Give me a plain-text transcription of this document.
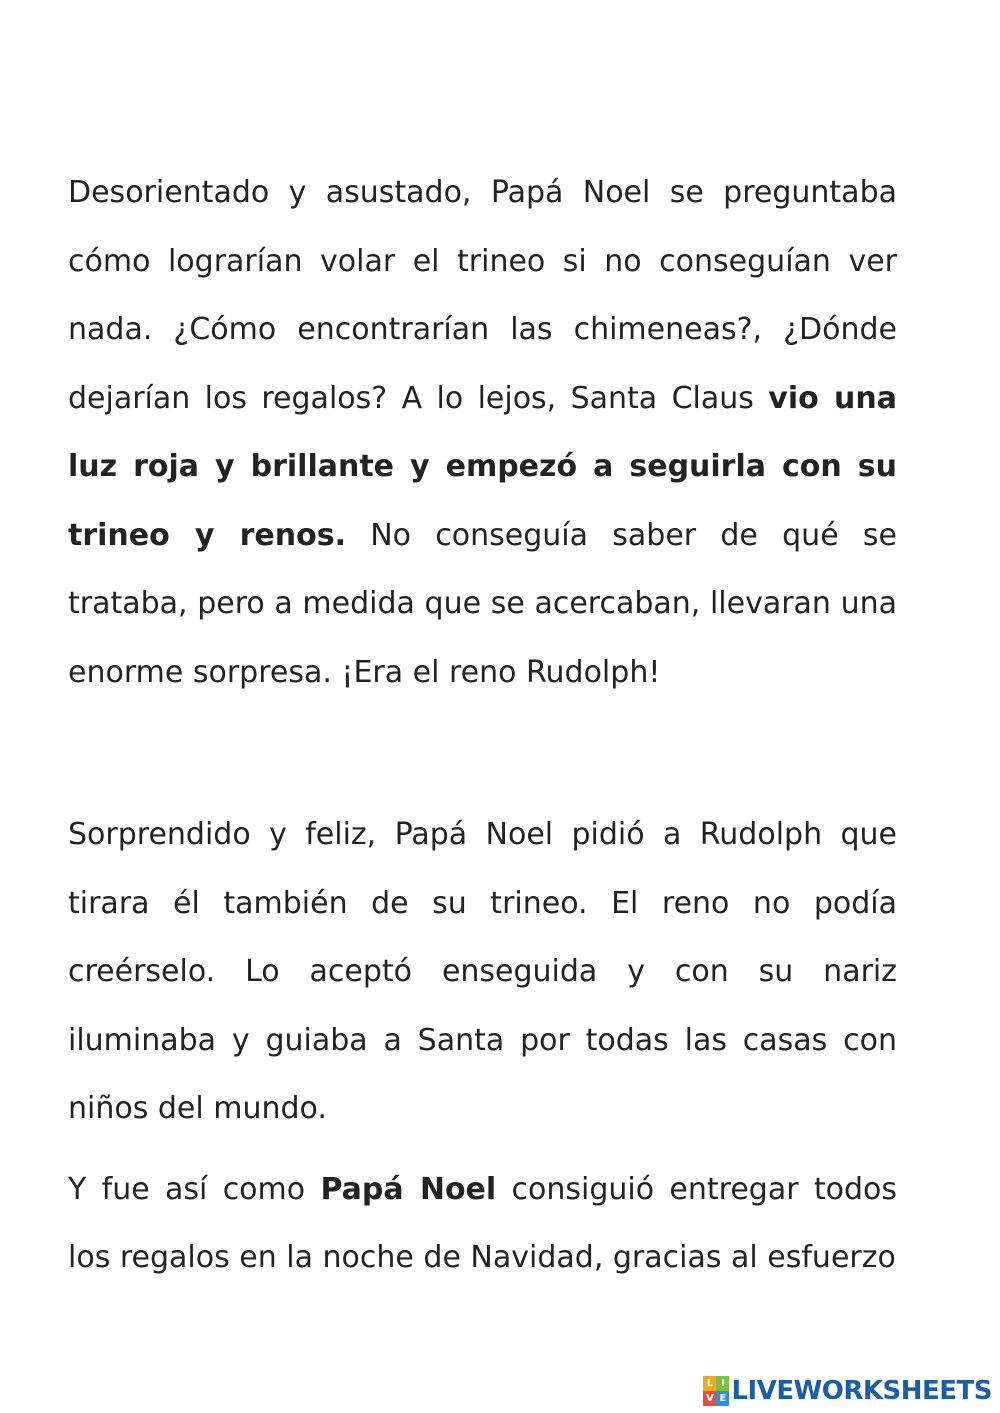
Desorientado y asustado, Papá Noel se preguntaba cómo lograrían volar el trineo si no conseguían ver nada. ¿Cómo encontrarían las chimeneas?, ¿Dónde dejarían los regalos? A lo lejos, Santa Claus vio una luz roja y brillante y empezó a seguirla con su trineo y renos. No conseguía saber de qué se trataba, pero a medida que se acercaban, llevaran una enorme sorpresa. ¡Era el reno Rudolph!

Sorprendido y feliz, Papá Noel pidió a Rudolph que tirara él también de su trineo. El reno no podía creérselo. Lo aceptó enseguida y con su nariz iluminaba y guiaba a Santa por todas las casas con niños del mundo.

Y fue así como Papá Noel consiguió entregar todos los regalos en la noche de Navidad, gracias al esfuerzo

L I
V E LIVEWORKSHEETS
